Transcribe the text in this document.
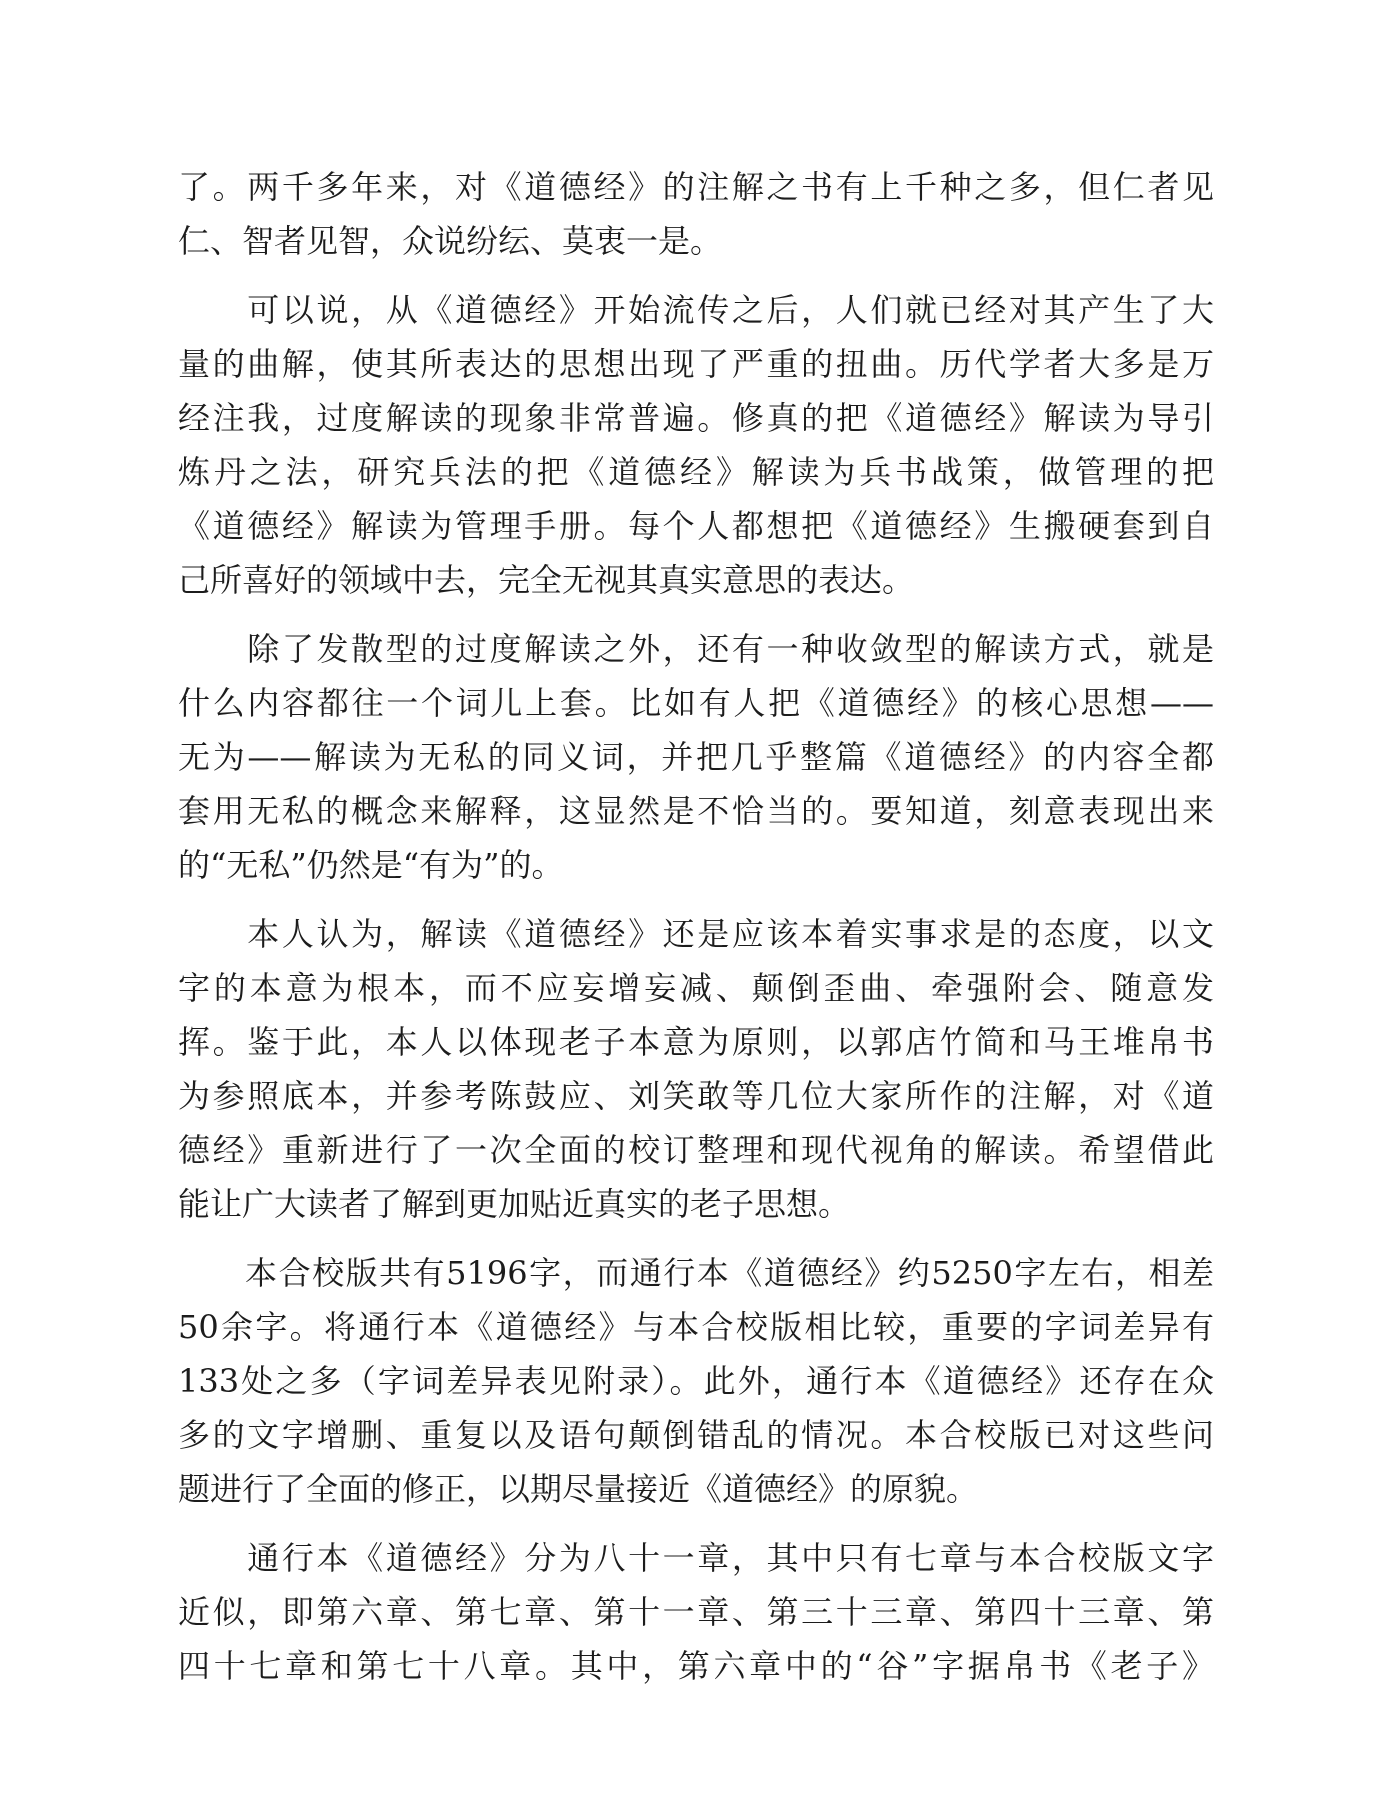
了。两千多年来，对《道德经》的注解之书有上千种之多，但仁者见

仁、智者见智，众说纷纭、莫衷一是。

　　可以说，从《道德经》开始流传之后，人们就已经对其产生了大

量的曲解，使其所表达的思想出现了严重的扭曲。历代学者大多是万

经注我，过度解读的现象非常普遍。修真的把《道德经》解读为导引

炼丹之法，研究兵法的把《道德经》解读为兵书战策，做管理的把

《道德经》解读为管理手册。每个人都想把《道德经》生搬硬套到自

己所喜好的领域中去，完全无视其真实意思的表达。

　　除了发散型的过度解读之外，还有一种收敛型的解读方式，就是

什么内容都往一个词儿上套。比如有人把《道德经》的核心思想——

无为——解读为无私的同义词，并把几乎整篇《道德经》的内容全都

套用无私的概念来解释，这显然是不恰当的。要知道，刻意表现出来

的“无私”仍然是“有为”的。

　　本人认为，解读《道德经》还是应该本着实事求是的态度，以文

字的本意为根本，而不应妄增妄减、颠倒歪曲、牵强附会、随意发

挥。鉴于此，本人以体现老子本意为原则，以郭店竹简和马王堆帛书

为参照底本，并参考陈鼓应、刘笑敢等几位大家所作的注解，对《道

德经》重新进行了一次全面的校订整理和现代视角的解读。希望借此

能让广大读者了解到更加贴近真实的老子思想。

　　本合校版共有5196字，而通行本《道德经》约5250字左右，相差

50余字。将通行本《道德经》与本合校版相比较，重要的字词差异有

133处之多（字词差异表见附录）。此外，通行本《道德经》还存在众

多的文字增删、重复以及语句颠倒错乱的情况。本合校版已对这些问

题进行了全面的修正，以期尽量接近《道德经》的原貌。

　　通行本《道德经》分为八十一章，其中只有七章与本合校版文字

近似，即第六章、第七章、第十一章、第三十三章、第四十三章、第

四十七章和第七十八章。其中，第六章中的“谷”字据帛书《老子》
